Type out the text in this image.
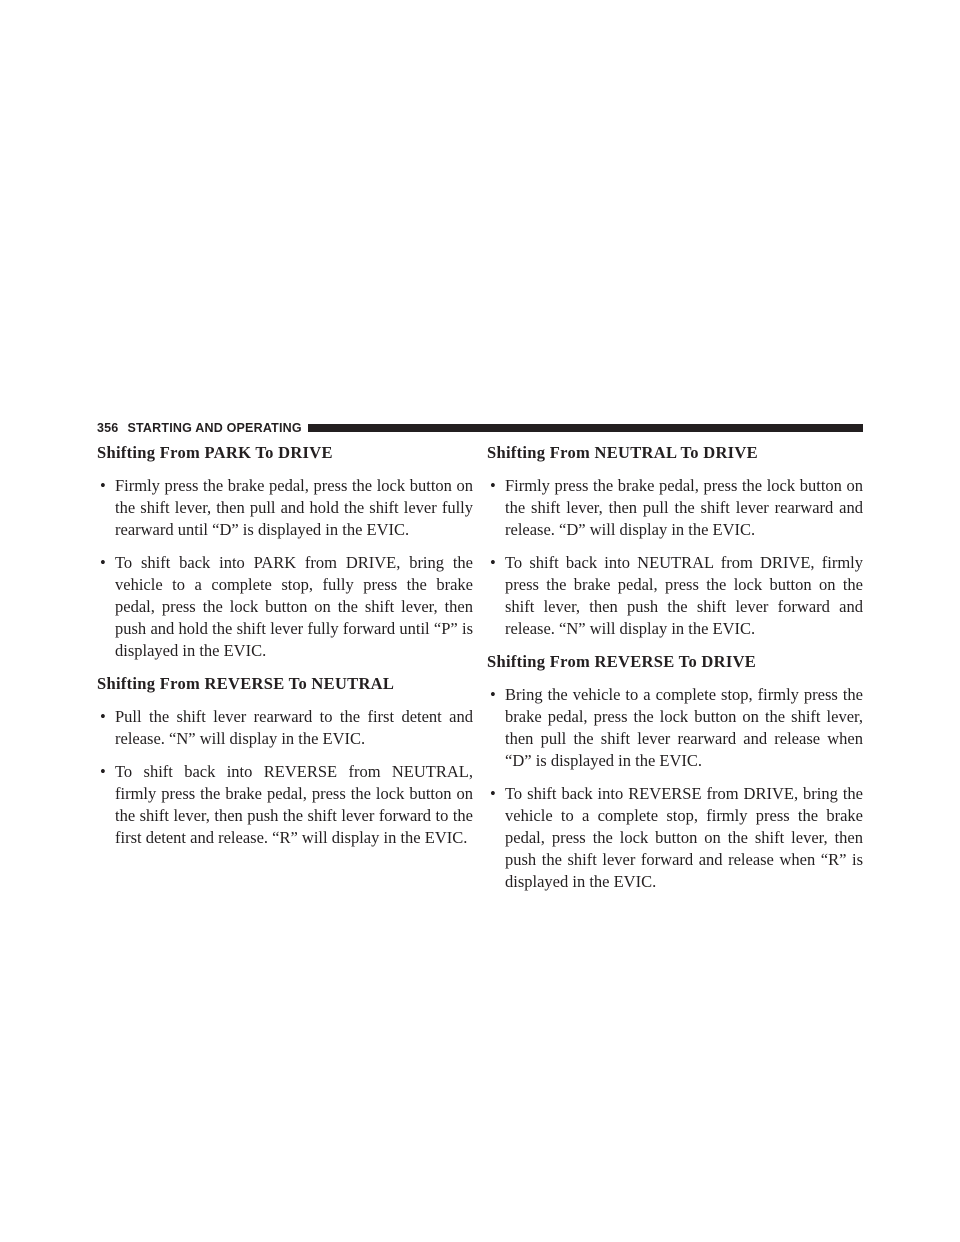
356 STARTING AND OPERATING
Shifting From PARK To DRIVE
• Firmly press the brake pedal, press the lock button on the shift lever, then pull and hold the shift lever fully rearward until “D” is displayed in the EVIC.
• To shift back into PARK from DRIVE, bring the vehicle to a complete stop, fully press the brake pedal, press the lock button on the shift lever, then push and hold the shift lever fully forward until “P” is displayed in the EVIC.
Shifting From REVERSE To NEUTRAL
• Pull the shift lever rearward to the first detent and release. “N” will display in the EVIC.
• To shift back into REVERSE from NEUTRAL, firmly press the brake pedal, press the lock button on the shift lever, then push the shift lever forward to the first detent and release. “R” will display in the EVIC.
Shifting From NEUTRAL To DRIVE
• Firmly press the brake pedal, press the lock button on the shift lever, then pull the shift lever rearward and release. “D” will display in the EVIC.
• To shift back into NEUTRAL from DRIVE, firmly press the brake pedal, press the lock button on the shift lever, then push the shift lever forward and release. “N” will display in the EVIC.
Shifting From REVERSE To DRIVE
• Bring the vehicle to a complete stop, firmly press the brake pedal, press the lock button on the shift lever, then pull the shift lever rearward and release when “D” is displayed in the EVIC.
• To shift back into REVERSE from DRIVE, bring the vehicle to a complete stop, firmly press the brake pedal, press the lock button on the shift lever, then push the shift lever forward and release when “R” is displayed in the EVIC.
